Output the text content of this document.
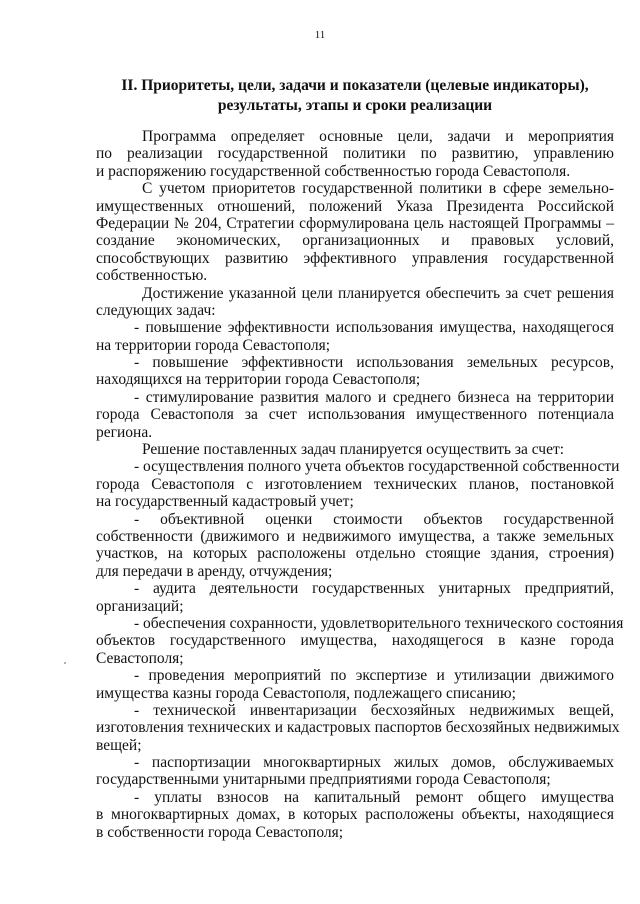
11
II. Приоритеты, цели, задачи и показатели (целевые индикаторы),
результаты, этапы и сроки реализации
Программа определяет основные цели, задачи и мероприятия
по реализации государственной политики по развитию, управлению
и распоряжению государственной собственностью города Севастополя.
С учетом приоритетов государственной политики в сфере земельно-
имущественных отношений, положений Указа Президента Российской
Федерации № 204, Стратегии сформулирована цель настоящей Программы –
создание экономических, организационных и правовых условий,
способствующих развитию эффективного управления государственной
собственностью.
Достижение указанной цели планируется обеспечить за счет решения
следующих задач:
- повышение эффективности использования имущества, находящегося
на территории города Севастополя;
- повышение эффективности использования земельных ресурсов,
находящихся на территории города Севастополя;
- стимулирование развития малого и среднего бизнеса на территории
города Севастополя за счет использования имущественного потенциала
региона.
Решение поставленных задач планируется осуществить за счет:
- осуществления полного учета объектов государственной собственности
города Севастополя с изготовлением технических планов, постановкой
на государственный кадастровый учет;
- объективной оценки стоимости объектов государственной
собственности (движимого и недвижимого имущества, а также земельных
участков, на которых расположены отдельно стоящие здания, строения)
для передачи в аренду, отчуждения;
- аудита деятельности государственных унитарных предприятий,
организаций;
- обеспечения сохранности, удовлетворительного технического состояния
объектов государственного имущества, находящегося в казне города
Севастополя;
- проведения мероприятий по экспертизе и утилизации движимого
имущества казны города Севастополя, подлежащего списанию;
- технической инвентаризации бесхозяйных недвижимых вещей,
изготовления технических и кадастровых паспортов бесхозяйных недвижимых
вещей;
- паспортизации многоквартирных жилых домов, обслуживаемых
государственными унитарными предприятиями города Севастополя;
- уплаты взносов на капитальный ремонт общего имущества
в многоквартирных домах, в которых расположены объекты, находящиеся
в собственности города Севастополя;
